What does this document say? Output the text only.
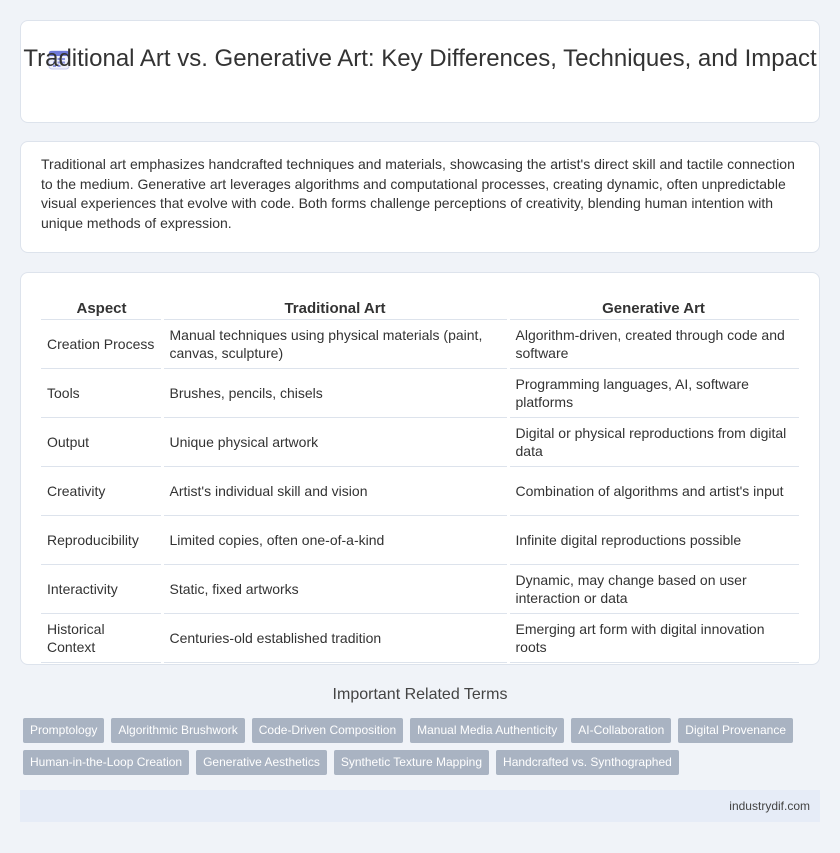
Traditional Art vs. Generative Art: Key Differences, Techniques, and Impact

Traditional art emphasizes handcrafted techniques and materials, showcasing the artist's direct skill and tactile connection to the medium. Generative art leverages algorithms and computational processes, creating dynamic, often unpredictable visual experiences that evolve with code. Both forms challenge perceptions of creativity, blending human intention with unique methods of expression.

Aspect	Traditional Art	Generative Art
Creation Process	Manual techniques using physical materials (paint, canvas, sculpture)	Algorithm-driven, created through code and software
Tools	Brushes, pencils, chisels	Programming languages, AI, software platforms
Output	Unique physical artwork	Digital or physical reproductions from digital data
Creativity	Artist's individual skill and vision	Combination of algorithms and artist's input
Reproducibility	Limited copies, often one-of-a-kind	Infinite digital reproductions possible
Interactivity	Static, fixed artworks	Dynamic, may change based on user interaction or data
Historical Context	Centuries-old established tradition	Emerging art form with digital innovation roots
Important Related Terms
Promptology	Algorithmic Brushwork	Code-Driven Composition	Manual Media Authenticity	AI-Collaboration	Digital Provenance
Human-in-the-Loop Creation	Generative Aesthetics	Synthetic Texture Mapping	Handcrafted vs. Synthographed
industrydif.com
